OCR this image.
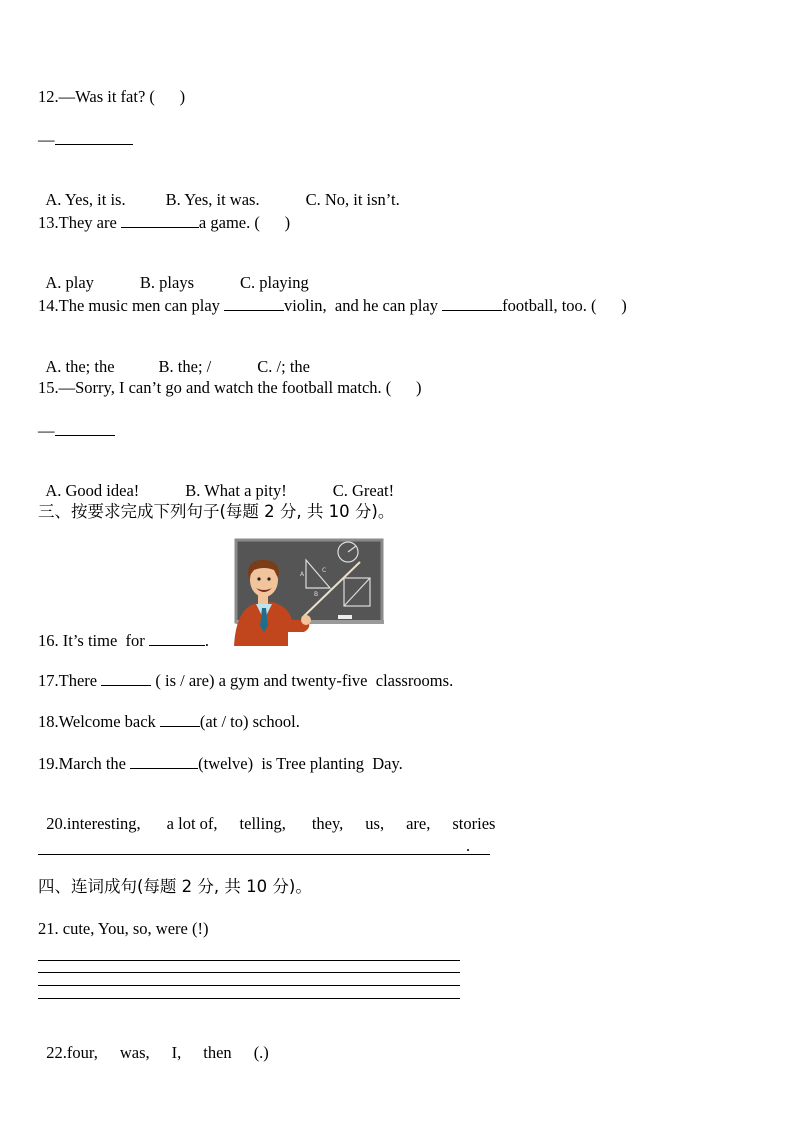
12.—Was it fat? (      )
—

A. Yes, it is. B. Yes, it was.	C. No, it isn’t.

13.They are	a game. (      )

A. play	B. plays	C. playing

14.The music men can play	violin,  and he can play	football, too. (      )

A. the; the	B. the; /	C. /; the

15.—Sorry, I can’t go and watch the football match. (      )
—

A. Good idea!	B. What a pity!	C. Great!

三、按要求完成下列句子(每题 2 分, 共 10 分)。
A
C
B
16. It’s time  for	.
17.There	( is / are) a gym and twenty-five  classrooms.
18.Welcome back (at / to) school.
19.March the	(twelve)  is Tree planting  Day.

20.interesting, a lot of, telling, they, us, are, stories

.
四、连词成句(每题 2 分, 共 10 分)。
21. cute, You, so, were (!)

22.four, was, I, then (.)
